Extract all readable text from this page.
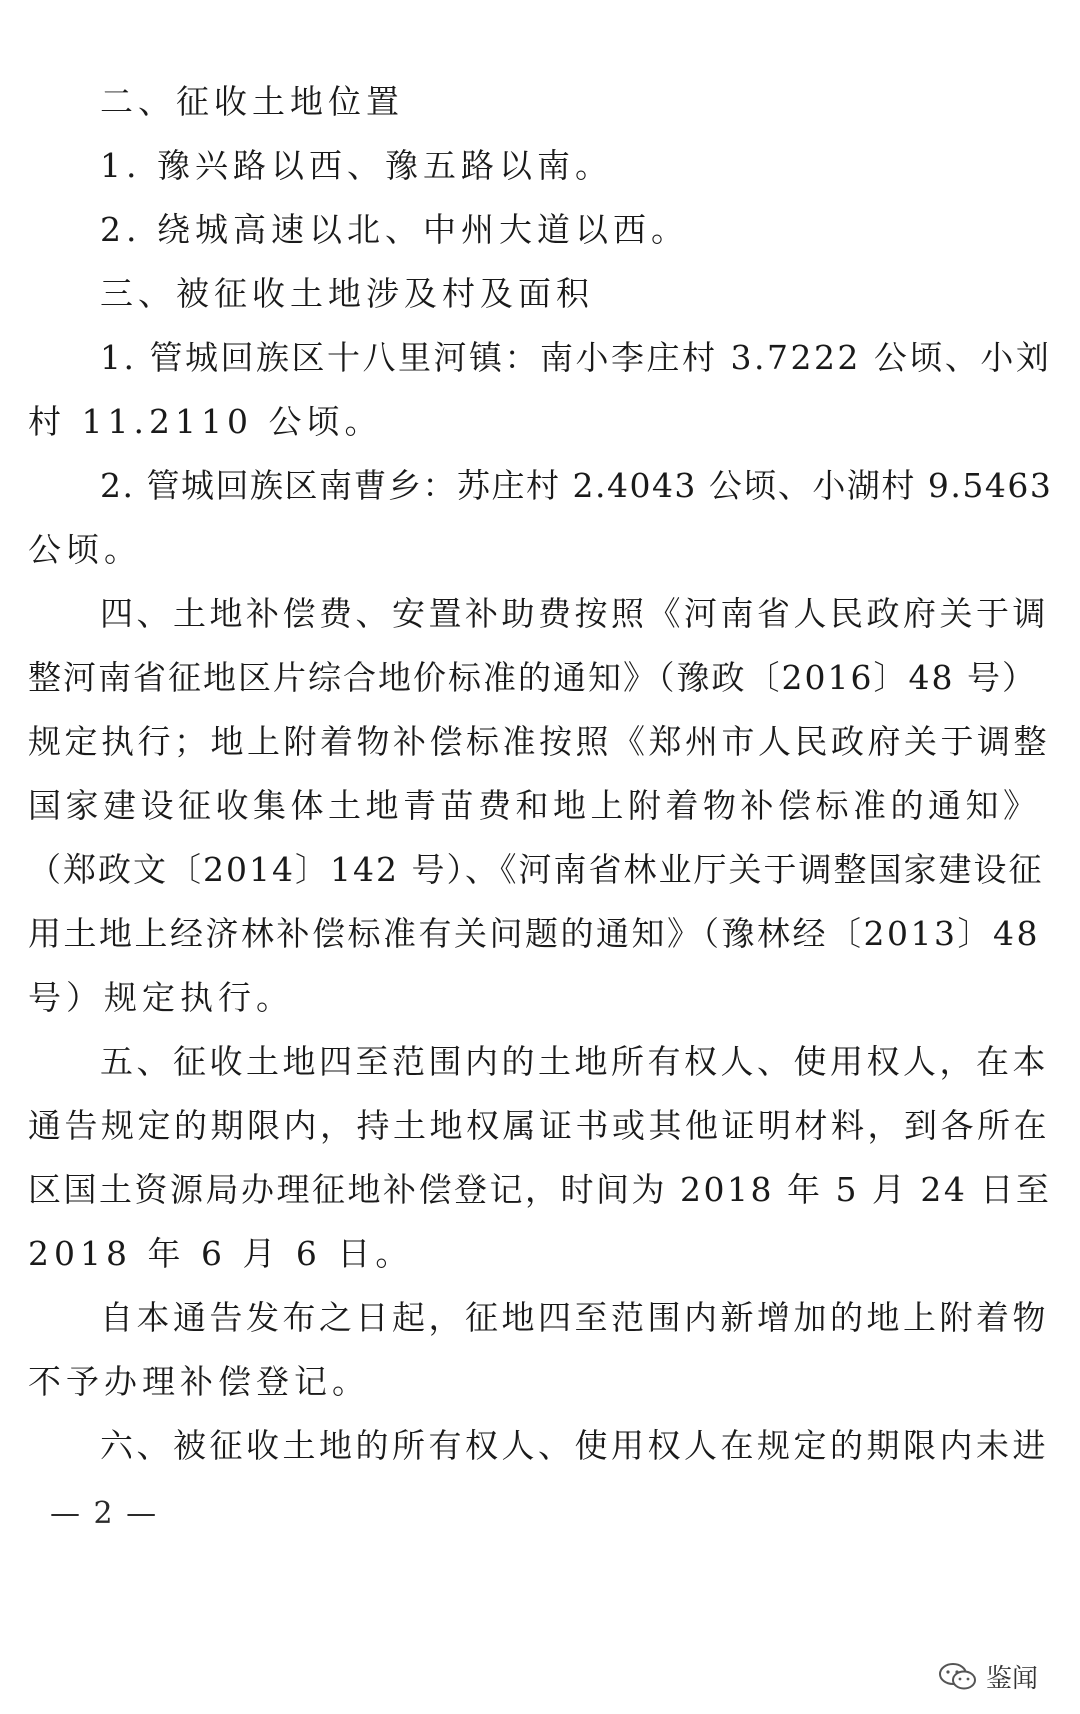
二、征收土地位置
1. 豫兴路以西、豫五路以南。
2. 绕城高速以北、中州大道以西。
三、被征收土地涉及村及面积
1. 管城回族区十八里河镇：南小李庄村 3.7222 公顷、小刘
村 11.2110 公顷。
2. 管城回族区南曹乡：苏庄村 2.4043 公顷、小湖村 9.5463
公顷。
四、土地补偿费、安置补助费按照《河南省人民政府关于调
整河南省征地区片综合地价标准的通知》（豫政〔2016〕48 号）
规定执行；地上附着物补偿标准按照《郑州市人民政府关于调整
国家建设征收集体土地青苗费和地上附着物补偿标准的通知》
（郑政文〔2014〕142 号）、《河南省林业厅关于调整国家建设征
用土地上经济林补偿标准有关问题的通知》（豫林经〔2013〕48
号）规定执行。
五、征收土地四至范围内的土地所有权人、使用权人，在本
通告规定的期限内，持土地权属证书或其他证明材料，到各所在
区国土资源局办理征地补偿登记，时间为 2018 年 5 月 24 日至
2018 年 6 月 6 日。
自本通告发布之日起，征地四至范围内新增加的地上附着物
不予办理补偿登记。
六、被征收土地的所有权人、使用权人在规定的期限内未进
— 2 —
鉴闻
